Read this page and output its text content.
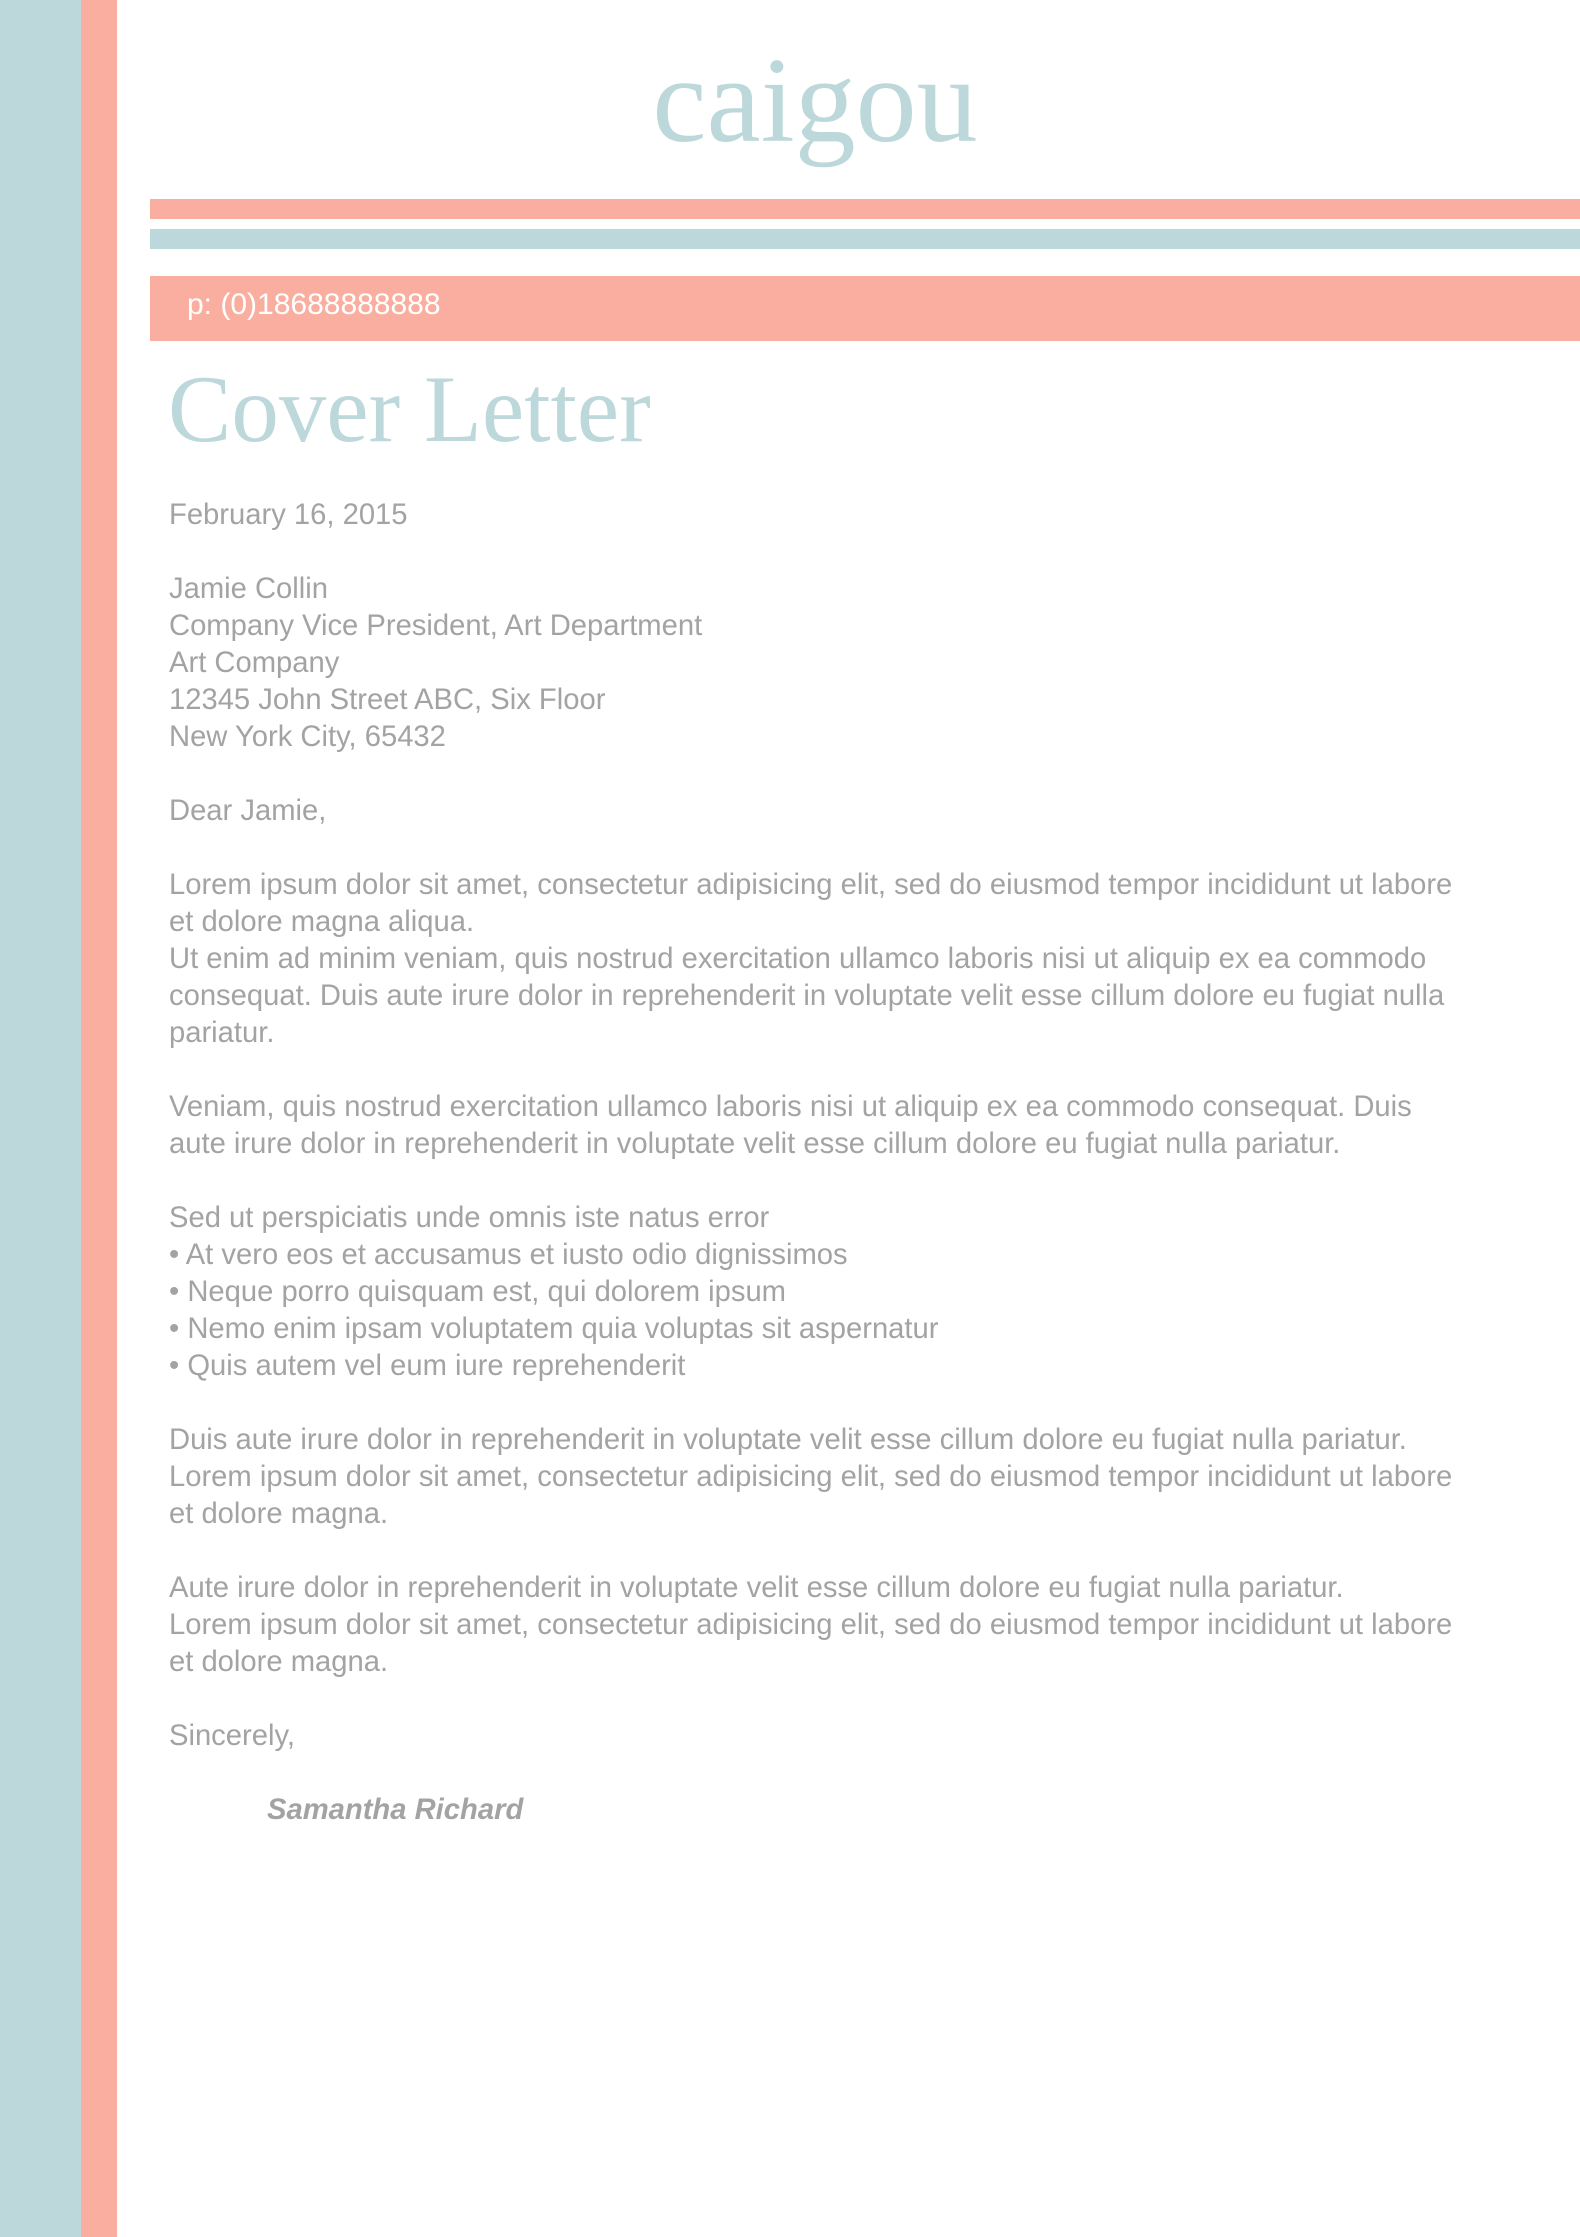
caigou
p: (0)18688888888
Cover Letter
February 16, 2015
Jamie Collin
Company Vice President, Art Department
Art Company
12345 John Street ABC, Six Floor
New York City, 65432
Dear Jamie,
Lorem ipsum dolor sit amet, consectetur adipisicing elit, sed do eiusmod tempor incididunt ut labore
et dolore magna aliqua.
Ut enim ad minim veniam, quis nostrud exercitation ullamco laboris nisi ut aliquip ex ea commodo
consequat. Duis aute irure dolor in reprehenderit in voluptate velit esse cillum dolore eu fugiat nulla
pariatur.
Veniam, quis nostrud exercitation ullamco laboris nisi ut aliquip ex ea commodo consequat. Duis
aute irure dolor in reprehenderit in voluptate velit esse cillum dolore eu fugiat nulla pariatur.
Sed ut perspiciatis unde omnis iste natus error
• At vero eos et accusamus et iusto odio dignissimos
• Neque porro quisquam est, qui dolorem ipsum
• Nemo enim ipsam voluptatem quia voluptas sit aspernatur
• Quis autem vel eum iure reprehenderit
Duis aute irure dolor in reprehenderit in voluptate velit esse cillum dolore eu fugiat nulla pariatur.
Lorem ipsum dolor sit amet, consectetur adipisicing elit, sed do eiusmod tempor incididunt ut labore
et dolore magna.
Aute irure dolor in reprehenderit in voluptate velit esse cillum dolore eu fugiat nulla pariatur.
Lorem ipsum dolor sit amet, consectetur adipisicing elit, sed do eiusmod tempor incididunt ut labore
et dolore magna.
Sincerely,
Samantha Richard
